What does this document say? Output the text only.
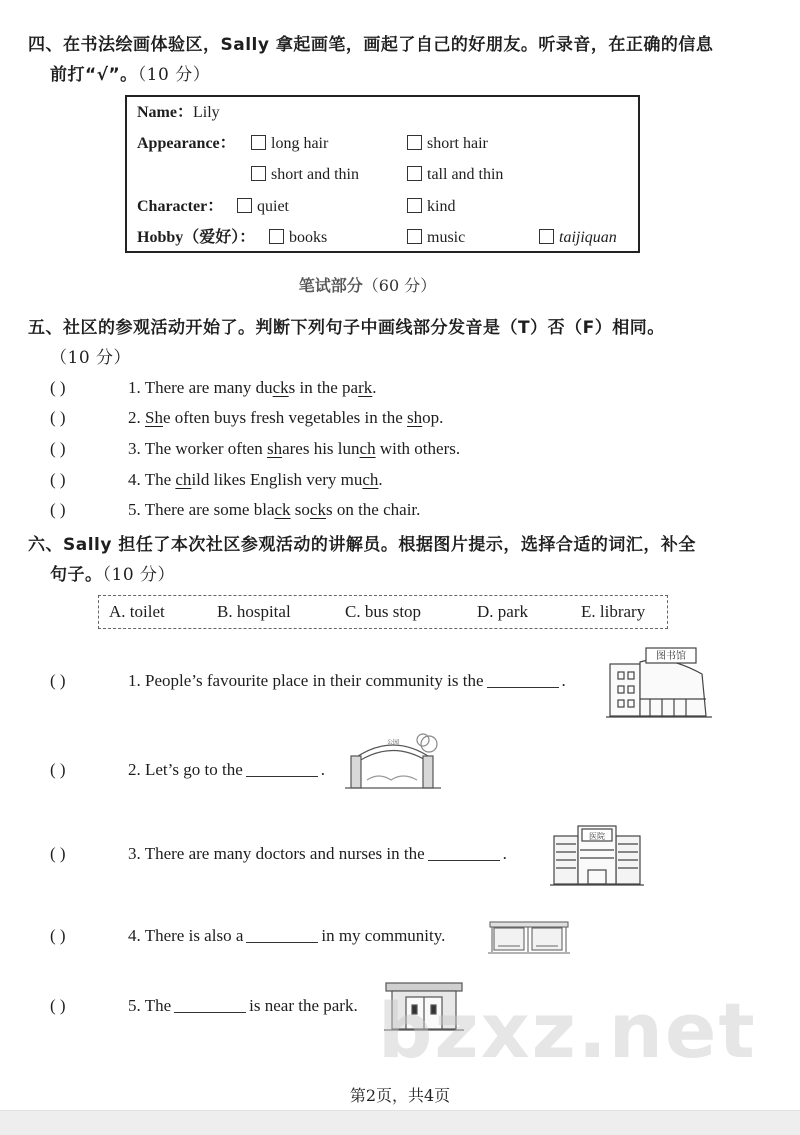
四、在书法绘画体验区，Sally 拿起画笔，画起了自己的好朋友。听录音，在正确的信息
前打“√”。（10 分）
Name：Lily
Appearance：	long hair	short hair
short and thin	tall and thin
Character：	quiet	kind
Hobby（爱好）：	books	music	taijiquan
笔试部分（60 分）
五、社区的参观活动开始了。判断下列句子中画线部分发音是（T）否（F）相同。
（10 分）
( )	1. There are many ducks in the park.
( )	2. She often buys fresh vegetables in the shop.
( )	3. The worker often shares his lunch with others.
( )	4. The child likes English very much.
( )	5. There are some black socks on the chair.
六、Sally 担任了本次社区参观活动的讲解员。根据图片提示，选择合适的词汇，补全
句子。（10 分）
A. toilet	B. hospital	C. bus stop	D. park	E. library
( )	1. People’s favourite place in their community is the	.
( )	2. Let’s go to the	.
( )	3. There are many doctors and nurses in the	.
( )	4. There is also a	in my community.
( )	5. The	is near the park.
图书馆
公园
医院
bzxz.net
第2页，共4页
